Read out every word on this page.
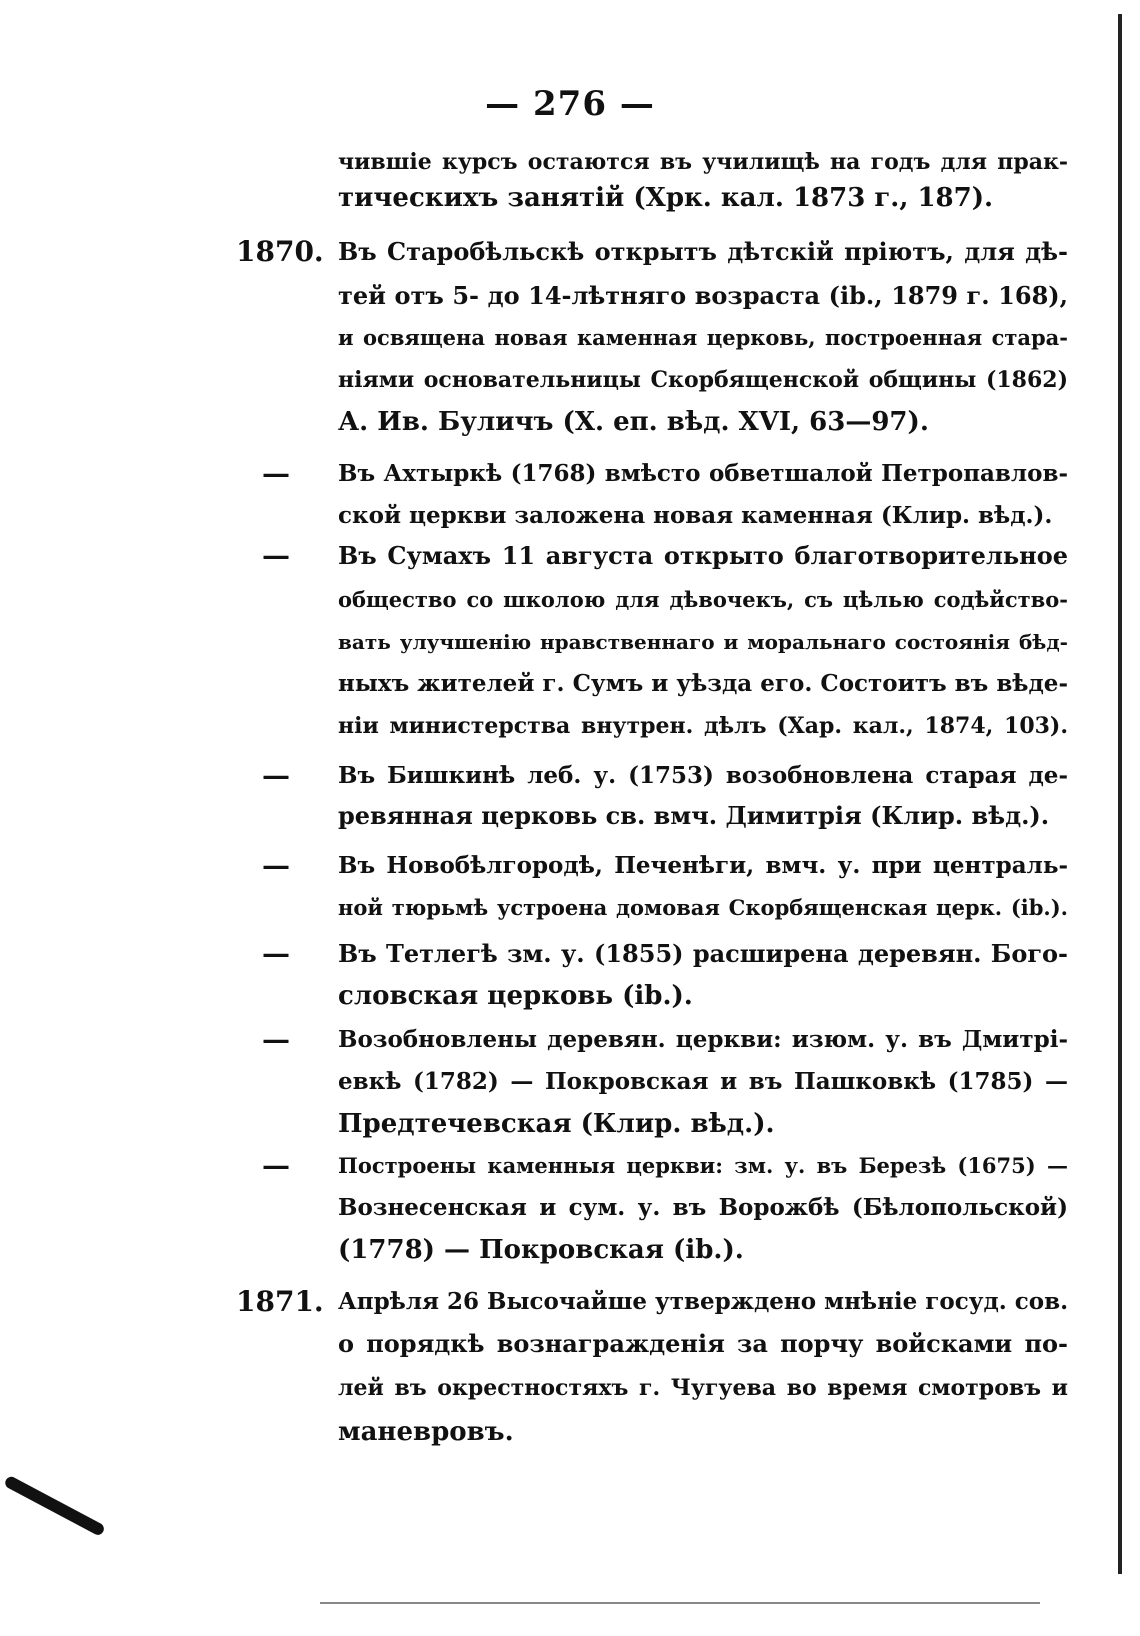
— 276 —
1870.
—
—
—
—
—
—
—
1871.
чившіе курсъ остаются въ училищѣ на годъ для прак-
тическихъ занятій (Хрк. кал. 1873 г., 187).
Въ Старобѣльскѣ открытъ дѣтскій пріютъ, для дѣ-
тей отъ 5- до 14-лѣтняго возраста (ib., 1879 г. 168),
и освящена новая каменная церковь, построенная стара-
ніями основательницы Скорбященской общины (1862)
А. Ив. Буличъ (Х. еп. вѣд. XVI, 63—97).
Въ Ахтыркѣ (1768) вмѣсто обветшалой Петропавлов-
ской церкви заложена новая каменная (Клир. вѣд.).
Въ Сумахъ 11 августа открыто благотворительное
общество со школою для дѣвочекъ, съ цѣлью содѣйство-
вать улучшенію нравственнаго и моральнаго состоянія бѣд-
ныхъ жителей г. Сумъ и уѣзда его. Состоитъ въ вѣде-
ніи министерства внутрен. дѣлъ (Хар. кал., 1874, 103).
Въ Бишкинѣ леб. у. (1753) возобновлена старая де-
ревянная церковь св. вмч. Димитрія (Клир. вѣд.).
Въ Новобѣлгородѣ, Печенѣги, вмч. у. при централь-
ной тюрьмѣ устроена домовая Скорбященская церк. (ib.).
Въ Тетлегѣ зм. у. (1855) расширена деревян. Бого-
словская церковь (ib.).
Возобновлены деревян. церкви: изюм. у. въ Дмитрі-
евкѣ (1782) — Покровская и въ Пашковкѣ (1785) —
Предтечевская (Клир. вѣд.).
Построены каменныя церкви: зм. у. въ Березѣ (1675) —
Вознесенская и сум. у. въ Ворожбѣ (Бѣлопольской)
(1778) — Покровская (ib.).
Апрѣля 26 Высочайше утверждено мнѣніе госуд. сов.
о порядкѣ вознагражденія за порчу войсками по-
лей въ окрестностяхъ г. Чугуева во время смотровъ и
маневровъ.
